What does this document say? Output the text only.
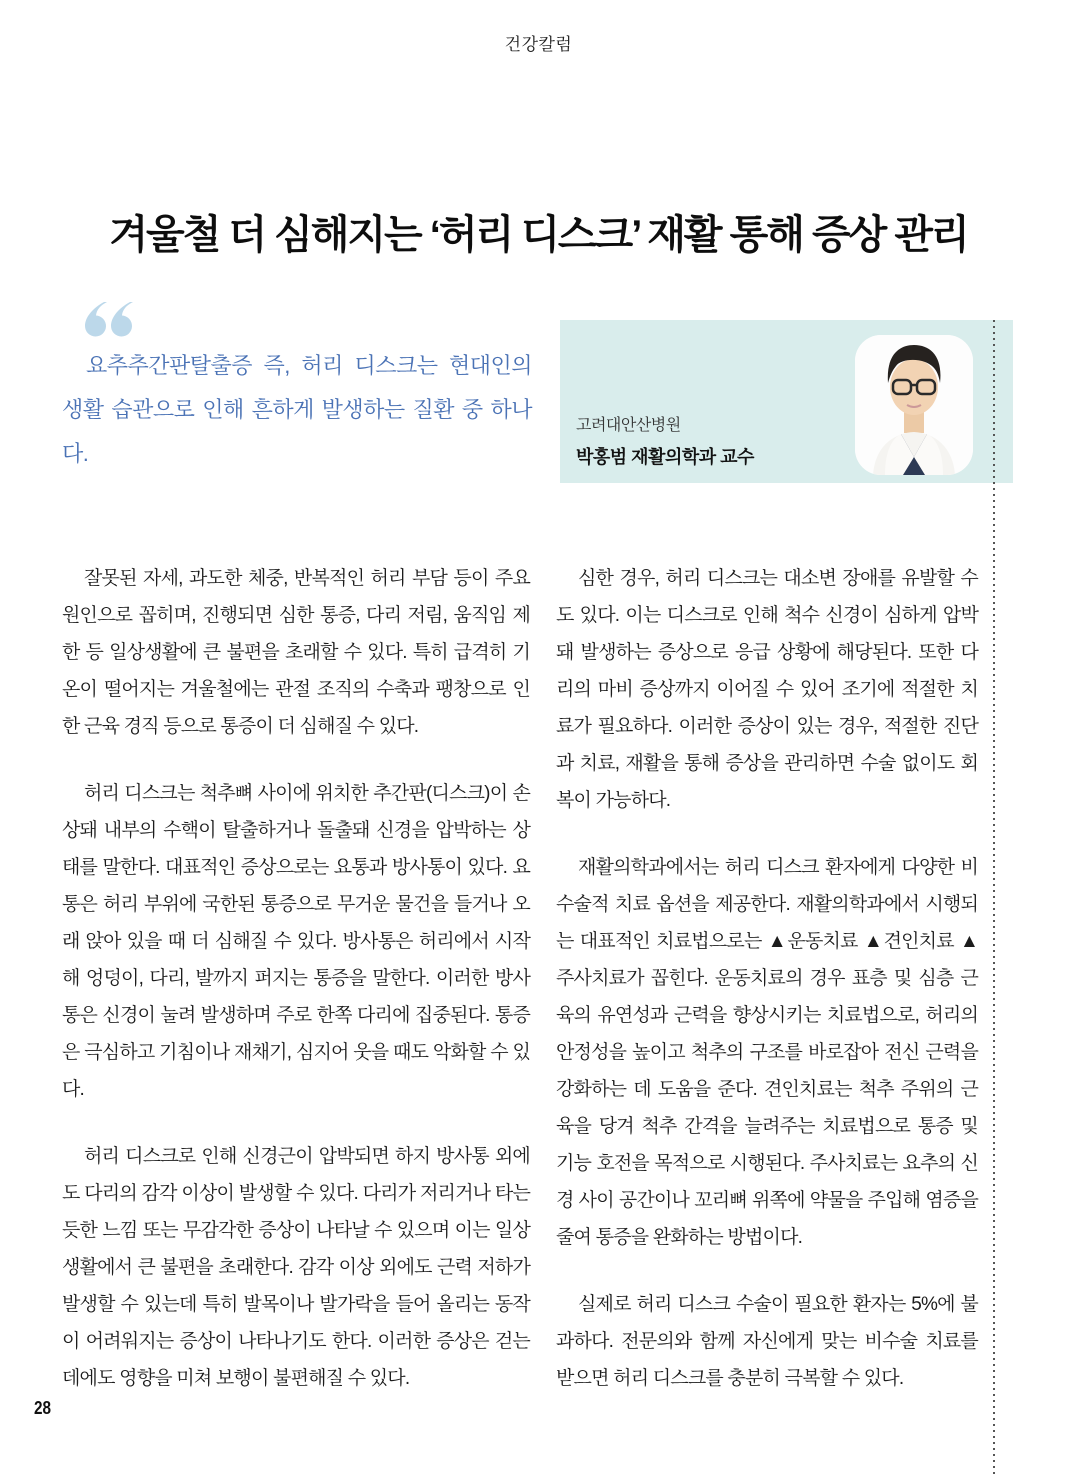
건강칼럼
겨울철 더 심해지는 ‘허리 디스크’ 재활 통해 증상 관리

요추추간판탈출증 즉, 허리 디스크는 현대인의 생활 습관으로 인해 흔하게 발생하는 질환 중 하나다.

고려대안산병원

박홍범 재활의학과 교수

잘못된 자세, 과도한 체중, 반복적인 허리 부담 등이 주요 원인으로 꼽히며, 진행되면 심한 통증, 다리 저림, 움직임 제한 등 일상생활에 큰 불편을 초래할 수 있다. 특히 급격히 기온이 떨어지는 겨울철에는 관절 조직의 수축과 팽창으로 인한 근육 경직 등으로 통증이 더 심해질 수 있다.

허리 디스크는 척추뼈 사이에 위치한 추간판(디스크)이 손상돼 내부의 수핵이 탈출하거나 돌출돼 신경을 압박하는 상태를 말한다. 대표적인 증상으로는 요통과 방사통이 있다. 요통은 허리 부위에 국한된 통증으로 무거운 물건을 들거나 오래 앉아 있을 때 더 심해질 수 있다. 방사통은 허리에서 시작해 엉덩이, 다리, 발까지 퍼지는 통증을 말한다. 이러한 방사통은 신경이 눌려 발생하며 주로 한쪽 다리에 집중된다. 통증은 극심하고 기침이나 재채기, 심지어 웃을 때도 악화할 수 있다.

허리 디스크로 인해 신경근이 압박되면 하지 방사통 외에도 다리의 감각 이상이 발생할 수 있다. 다리가 저리거나 타는 듯한 느낌 또는 무감각한 증상이 나타날 수 있으며 이는 일상생활에서 큰 불편을 초래한다. 감각 이상 외에도 근력 저하가 발생할 수 있는데 특히 발목이나 발가락을 들어 올리는 동작이 어려워지는 증상이 나타나기도 한다. 이러한 증상은 걷는 데에도 영향을 미쳐 보행이 불편해질 수 있다.

심한 경우, 허리 디스크는 대소변 장애를 유발할 수도 있다. 이는 디스크로 인해 척수 신경이 심하게 압박돼 발생하는 증상으로 응급 상황에 해당된다. 또한 다리의 마비 증상까지 이어질 수 있어 조기에 적절한 치료가 필요하다. 이러한 증상이 있는 경우, 적절한 진단과 치료, 재활을 통해 증상을 관리하면 수술 없이도 회복이 가능하다.

재활의학과에서는 허리 디스크 환자에게 다양한 비수술적 치료 옵션을 제공한다. 재활의학과에서 시행되는 대표적인 치료법으로는 ▲운동치료 ▲견인치료 ▲주사치료가 꼽힌다. 운동치료의 경우 표층 및 심층 근육의 유연성과 근력을 향상시키는 치료법으로, 허리의 안정성을 높이고 척추의 구조를 바로잡아 전신 근력을 강화하는 데 도움을 준다. 견인치료는 척추 주위의 근육을 당겨 척추 간격을 늘려주는 치료법으로 통증 및 기능 호전을 목적으로 시행된다. 주사치료는 요추의 신경 사이 공간이나 꼬리뼈 위쪽에 약물을 주입해 염증을 줄여 통증을 완화하는 방법이다.

실제로 허리 디스크 수술이 필요한 환자는 5%에 불과하다. 전문의와 함께 자신에게 맞는 비수술 치료를 받으면 허리 디스크를 충분히 극복할 수 있다.

28
